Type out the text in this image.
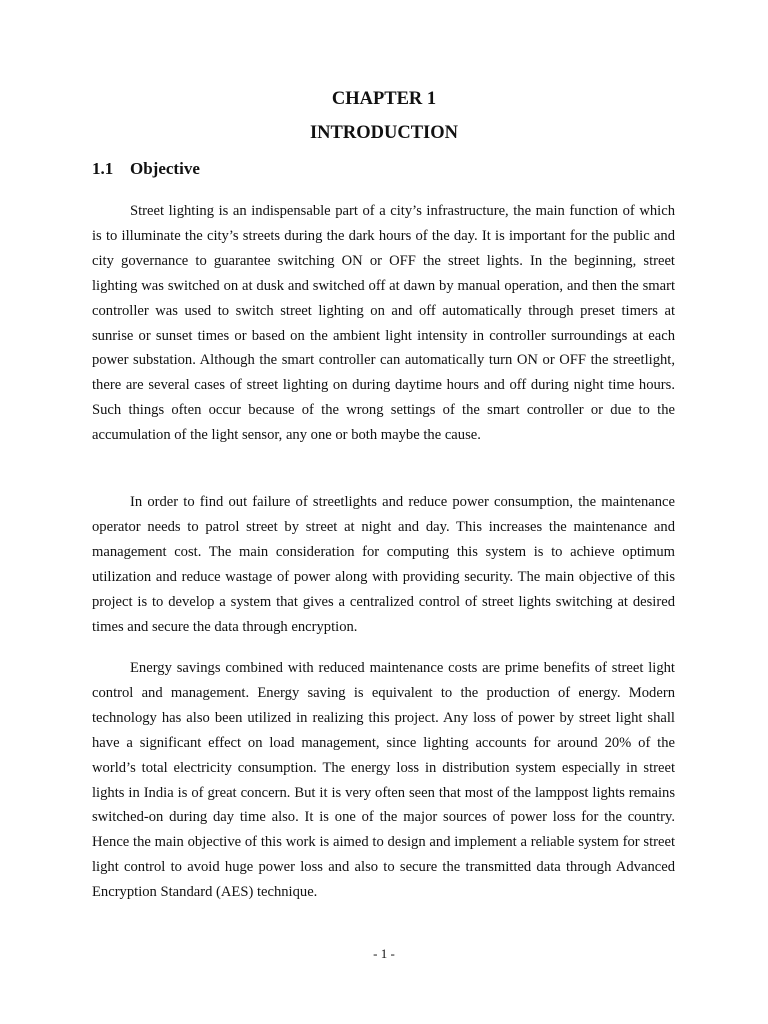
CHAPTER 1
INTRODUCTION
1.1 Objective

Street lighting is an indispensable part of a city’s infrastructure, the main function of which is to illuminate the city’s streets during the dark hours of the day. It is important for the public and city governance to guarantee switching ON or OFF the street lights. In the beginning, street lighting was switched on at dusk and switched off at dawn by manual operation, and then the smart controller was used to switch street lighting on and off automatically through preset timers at sunrise or sunset times or based on the ambient light intensity in controller surroundings at each power substation. Although the smart controller can automatically turn ON or OFF the streetlight, there are several cases of street lighting on during daytime hours and off during night time hours. Such things often occur because of the wrong settings of the smart controller or due to the accumulation of the light sensor, any one or both maybe the cause.

In order to find out failure of streetlights and reduce power consumption, the maintenance operator needs to patrol street by street at night and day. This increases the maintenance and management cost. The main consideration for computing this system is to achieve optimum utilization and reduce wastage of power along with providing security. The main objective of this project is to develop a system that gives a centralized control of street lights switching at desired times and secure the data through encryption.

Energy savings combined with reduced maintenance costs are prime benefits of street light control and management. Energy saving is equivalent to the production of energy. Modern technology has also been utilized in realizing this project. Any loss of power by street light shall have a significant effect on load management, since lighting accounts for around 20% of the world’s total electricity consumption. The energy loss in distribution system especially in street lights in India is of great concern. But it is very often seen that most of the lamppost lights remains switched-on during day time also. It is one of the major sources of power loss for the country. Hence the main objective of this work is aimed to design and implement a reliable system for street light control to avoid huge power loss and also to secure the transmitted data through Advanced Encryption Standard (AES) technique.

- 1 -
